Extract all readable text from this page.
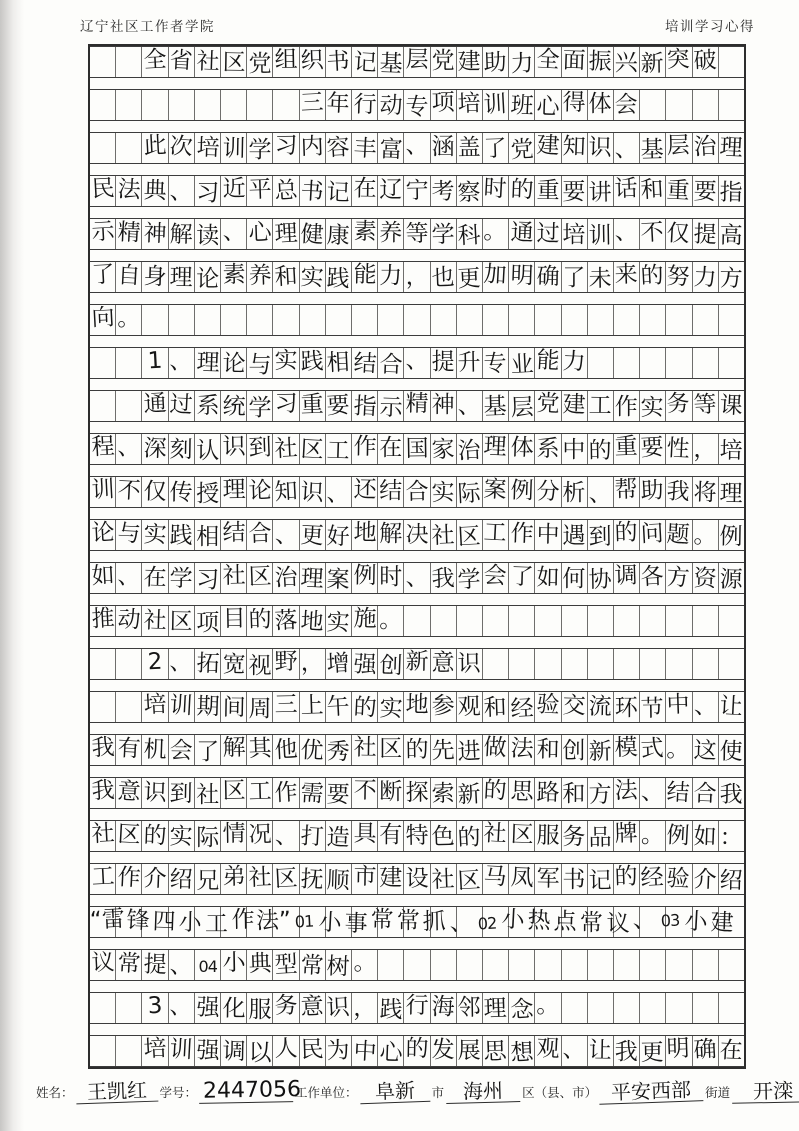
辽宁社区工作者学院	培训学习心得
全 省 社 区 党 组 织 书 记 基 层 党 建 助 力 全 面 振 兴 新 突 破
三 年 行 动 专 项 培 训 班 心 得 体 会
此 次 培 训 学 习 内 容 丰 富 、 涵 盖 了 党 建 知 识 、 基 层 治 理
民 法 典 、 习 近 平 总 书 记 在 辽 宁 考 察 时 的 重 要 讲 话 和 重 要 指
示 精 神 解 读 、 心 理 健 康 素 养 等 学 科 。 通 过 培 训 、 不 仅 提 高
了 自 身 理 论 素 养 和 实 践 能 力 ， 也 更 加 明 确 了 未 来 的 努 力 方
向 。
1 、 理 论 与 实 践 相 结 合 、 提 升 专 业 能 力
通 过 系 统 学 习 重 要 指 示 精 神 、 基 层 党 建 工 作 实 务 等 课
程 、 深 刻 认 识 到 社 区 工 作 在 国 家 治 理 体 系 中 的 重 要 性 ， 培
训 不 仅 传 授 理 论 知 识 、 还 结 合 实 际 案 例 分 析 、 帮 助 我 将 理
论 与 实 践 相 结 合 、 更 好 地 解 决 社 区 工 作 中 遇 到 的 问 题 。 例
如 、 在 学 习 社 区 治 理 案 例 时 、 我 学 会 了 如 何 协 调 各 方 资 源
推 动 社 区 项 目 的 落 地 实 施 。
2 、 拓 宽 视 野 ， 增 强 创 新 意 识
培 训 期 间 周 三 上 午 的 实 地 参 观 和 经 验 交 流 环 节 中 、 让
我 有 机 会 了 解 其 他 优 秀 社 区 的 先 进 做 法 和 创 新 模 式 。 这 使
我 意 识 到 社 区 工 作 需 要 不 断 探 索 新 的 思 路 和 方 法 、 结 合 我
社 区 的 实 际 情 况 、 打 造 具 有 特 色 的 社 区 服 务 品 牌 。 例 如 ：
工 作 介 绍 兄 弟 社 区 抚 顺 市 建 设 社 区 马 凤 军 书 记 的 经 验 介 绍
“雷 锋 四 小 工 作 法” 01 小 事 常 常 抓 、 02 小 热 点 常 议 、 03 小 建
议 常 提 、 04 小 典 型 常 树 。
3 、 强 化 服 务 意 识 ， 践 行 海 邻 理 念 。
培 训 强 调 以 人 民 为 中 心 的 发 展 思 想 观 、 让 我 更 明 确 在
姓名： 王凯红	学号： 2447056
工作单位： 阜新	市 海州	区（县、市） 平安西部	街道	开滦
